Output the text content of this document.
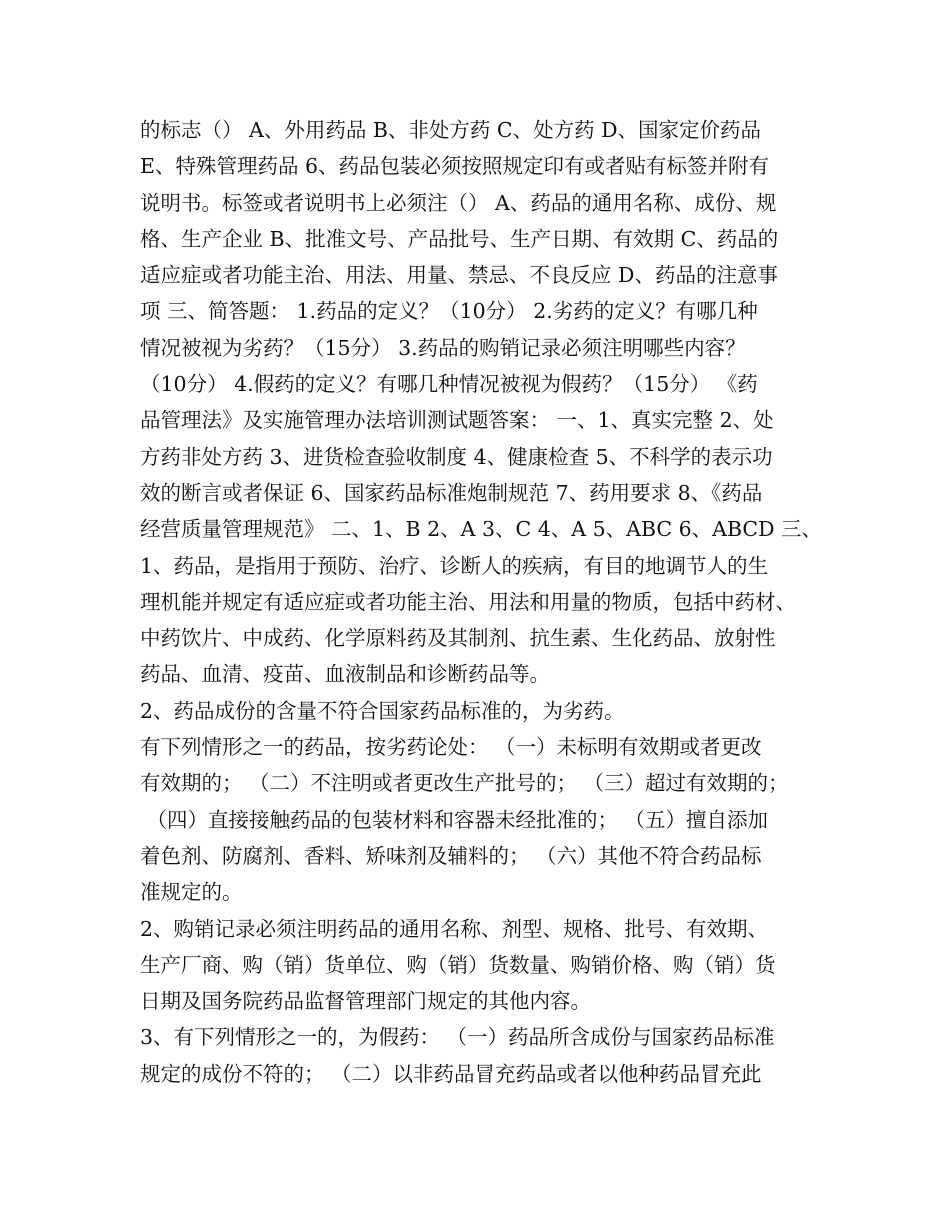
的标志（） A、外用药品 B、非处方药 C、处方药 D、国家定价药品
E、特殊管理药品 6、药品包装必须按照规定印有或者贴有标签并附有
说明书。标签或者说明书上必须注（） A、药品的通用名称、成份、规
格、生产企业 B、批准文号、产品批号、生产日期、有效期 C、药品的
适应症或者功能主治、用法、用量、禁忌、不良反应 D、药品的注意事
项 三、简答题： 1.药品的定义？（10分） 2.劣药的定义？有哪几种
情况被视为劣药？（15分） 3.药品的购销记录必须注明哪些内容？
（10分） 4.假药的定义？有哪几种情况被视为假药？（15分） 《药
品管理法》及实施管理办法培训测试题答案： 一、1、真实完整 2、处
方药非处方药 3、进货检查验收制度 4、健康检查 5、不科学的表示功
效的断言或者保证 6、国家药品标准炮制规范 7、药用要求 8、《药品
经营质量管理规范》 二、1、B 2、A 3、C 4、A 5、ABC 6、ABCD 三、
1、药品，是指用于预防、治疗、诊断人的疾病，有目的地调节人的生
理机能并规定有适应症或者功能主治、用法和用量的物质，包括中药材、
中药饮片、中成药、化学原料药及其制剂、抗生素、生化药品、放射性
药品、血清、疫苗、血液制品和诊断药品等。
2、药品成份的含量不符合国家药品标准的，为劣药。
有下列情形之一的药品，按劣药论处： （一）未标明有效期或者更改
有效期的； （二）不注明或者更改生产批号的； （三）超过有效期的；
（四）直接接触药品的包装材料和容器未经批准的； （五）擅自添加
着色剂、防腐剂、香料、矫味剂及辅料的； （六）其他不符合药品标
准规定的。
2、购销记录必须注明药品的通用名称、剂型、规格、批号、有效期、
生产厂商、购（销）货单位、购（销）货数量、购销价格、购（销）货
日期及国务院药品监督管理部门规定的其他内容。
3、有下列情形之一的，为假药： （一）药品所含成份与国家药品标准
规定的成份不符的； （二）以非药品冒充药品或者以他种药品冒充此
